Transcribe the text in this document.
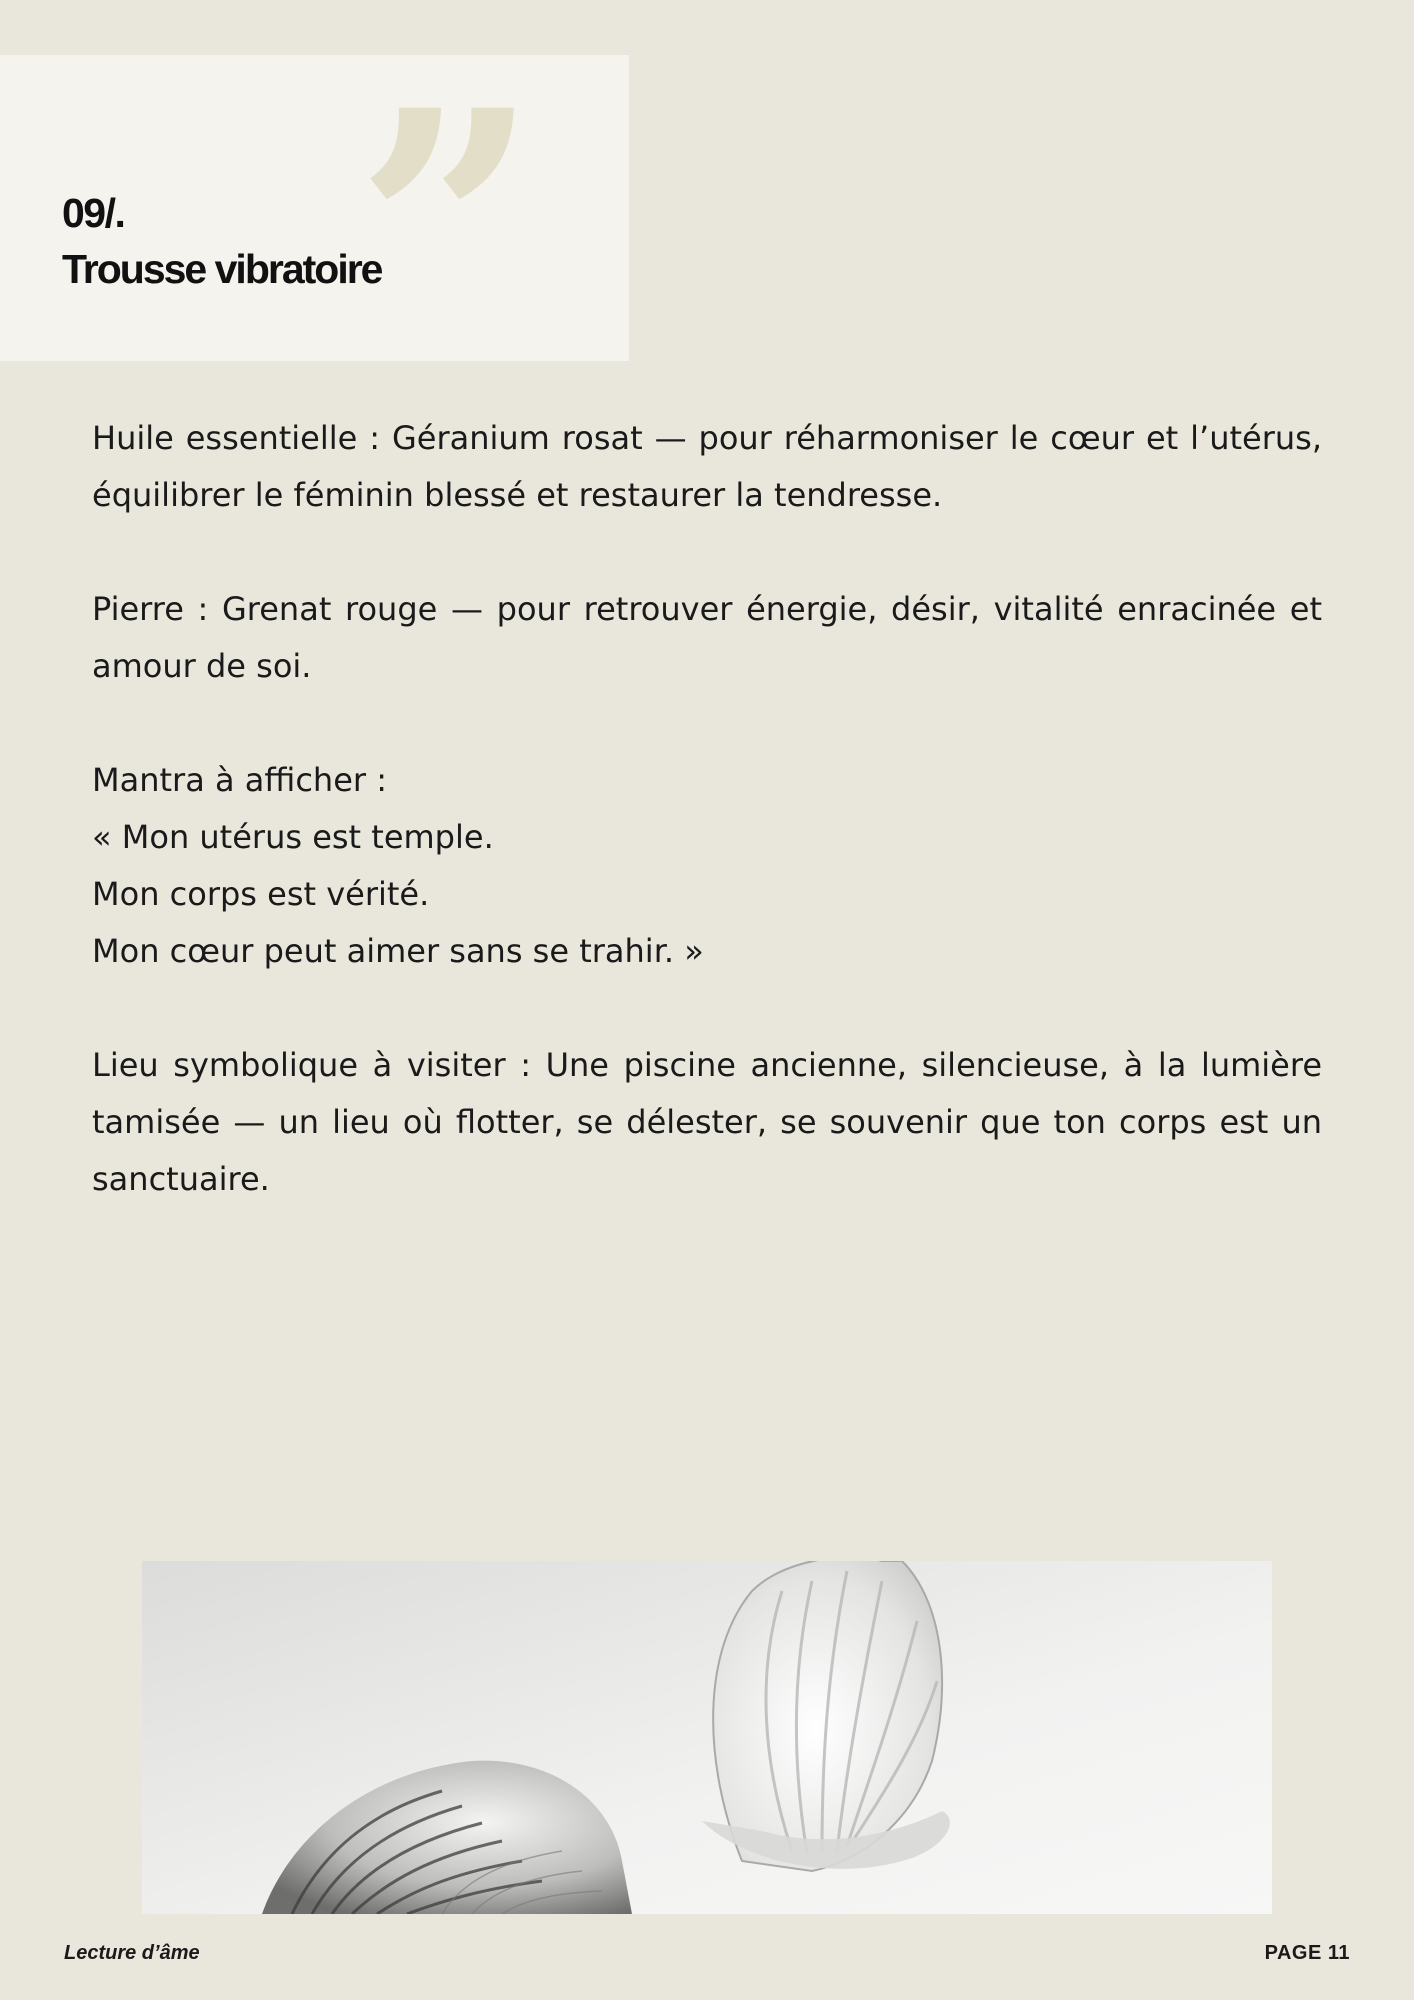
”
09/.
Trousse vibratoire

Huile essentielle : Géranium rosat — pour réharmoniser le cœur et l’utérus, équilibrer le féminin blessé et restaurer la tendresse.

Pierre : Grenat rouge — pour retrouver énergie, désir, vitalité enracinée et amour de soi.

Mantra à afficher :
« Mon utérus est temple.
Mon corps est vérité.
Mon cœur peut aimer sans se trahir. »

Lieu symbolique à visiter : Une piscine ancienne, silencieuse, à la lumière tamisée — un lieu où flotter, se délester, se souvenir que ton corps est un sanctuaire.

Lecture d’âme	PAGE 11
